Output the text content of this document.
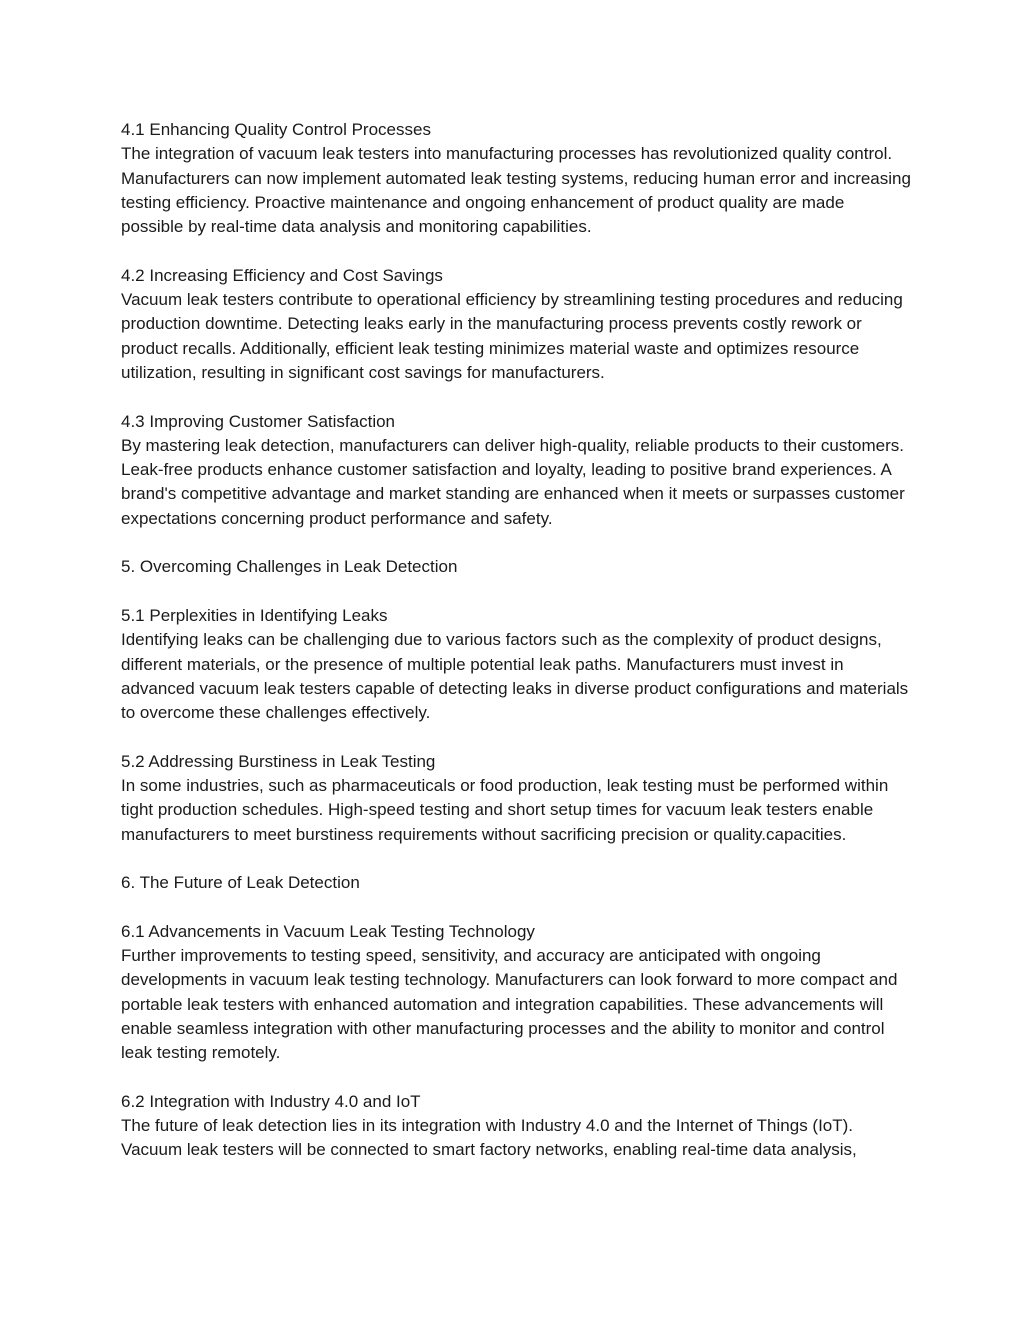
4.1 Enhancing Quality Control Processes
The integration of vacuum leak testers into manufacturing processes has revolutionized quality control. Manufacturers can now implement automated leak testing systems, reducing human error and increasing testing efficiency. Proactive maintenance and ongoing enhancement of product quality are made possible by real-time data analysis and monitoring capabilities.
4.2 Increasing Efficiency and Cost Savings
Vacuum leak testers contribute to operational efficiency by streamlining testing procedures and reducing production downtime. Detecting leaks early in the manufacturing process prevents costly rework or product recalls. Additionally, efficient leak testing minimizes material waste and optimizes resource utilization, resulting in significant cost savings for manufacturers.
4.3 Improving Customer Satisfaction
By mastering leak detection, manufacturers can deliver high-quality, reliable products to their customers. Leak-free products enhance customer satisfaction and loyalty, leading to positive brand experiences. A brand's competitive advantage and market standing are enhanced when it meets or surpasses customer expectations concerning product performance and safety.
5. Overcoming Challenges in Leak Detection
5.1 Perplexities in Identifying Leaks
Identifying leaks can be challenging due to various factors such as the complexity of product designs, different materials, or the presence of multiple potential leak paths. Manufacturers must invest in advanced vacuum leak testers capable of detecting leaks in diverse product configurations and materials to overcome these challenges effectively.
5.2 Addressing Burstiness in Leak Testing
In some industries, such as pharmaceuticals or food production, leak testing must be performed within tight production schedules. High-speed testing and short setup times for vacuum leak testers enable manufacturers to meet burstiness requirements without sacrificing precision or quality.capacities.
6. The Future of Leak Detection
6.1 Advancements in Vacuum Leak Testing Technology
Further improvements to testing speed, sensitivity, and accuracy are anticipated with ongoing developments in vacuum leak testing technology. Manufacturers can look forward to more compact and portable leak testers with enhanced automation and integration capabilities. These advancements will enable seamless integration with other manufacturing processes and the ability to monitor and control leak testing remotely.
6.2 Integration with Industry 4.0 and IoT
The future of leak detection lies in its integration with Industry 4.0 and the Internet of Things (IoT). Vacuum leak testers will be connected to smart factory networks, enabling real-time data analysis,
